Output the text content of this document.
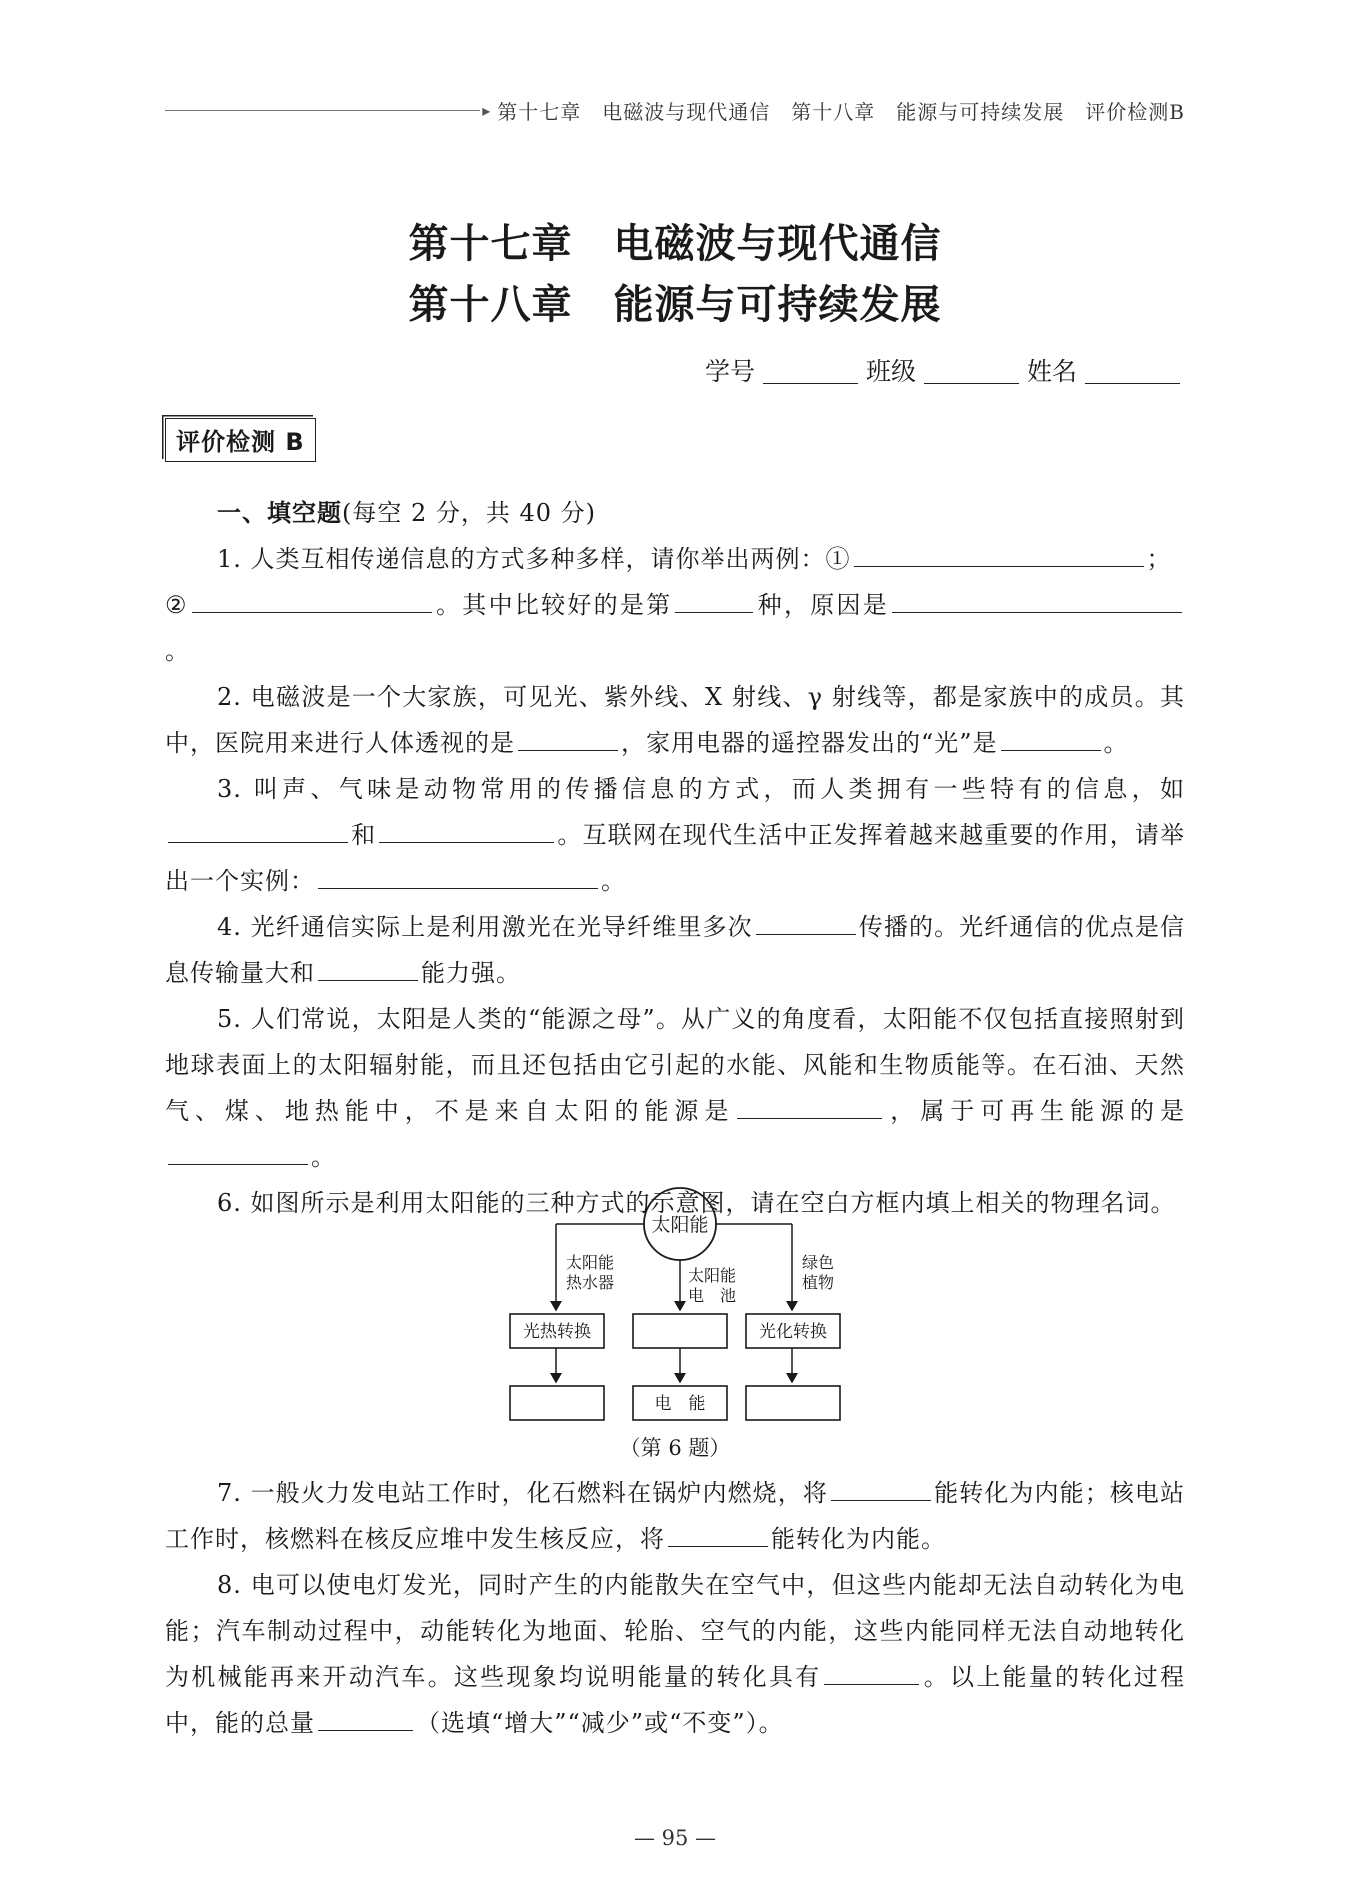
▸ 第十七章　电磁波与现代通信　第十八章　能源与可持续发展　评价检测B
第十七章　电磁波与现代通信
第十八章　能源与可持续发展
学号	班级	姓名
评价检测 B

一、填空题(每空 2 分，共 40 分)

1. 人类互相传递信息的方式多种多样，请你举出两例：①	；

②	。其中比较好的是第	种，原因是。

2. 电磁波是一个大家族，可见光、紫外线、X 射线、γ 射线等，都是家族中的成员。其中，医院用来进行人体透视的是	，家用电器的遥控器发出的“光”是	。

3. 叫声、气味是动物常用的传播信息的方式，而人类拥有一些特有的信息，如和	。互联网在现代生活中正发挥着越来越重要的作用，请举出一个实例：	。

4. 光纤通信实际上是利用激光在光导纤维里多次	传播的。光纤通信的优点是信息传输量大和	能力强。

5. 人们常说，太阳是人类的“能源之母”。从广义的角度看，太阳能不仅包括直接照射到地球表面上的太阳辐射能，而且还包括由它引起的水能、风能和生物质能等。在石油、天然气、煤、地热能中，不是来自太阳的能源是	，属于可再生能源的是。

6. 如图所示是利用太阳能的三种方式的示意图，请在空白方框内填上相关的物理名词。

太阳能
太阳能
热水器	太阳能
电　池
绿色
植物
光热转换	光化转换
电　能
（第 6 题）

7. 一般火力发电站工作时，化石燃料在锅炉内燃烧，将	能转化为内能；核电站工作时，核燃料在核反应堆中发生核反应，将	能转化为内能。

8. 电可以使电灯发光，同时产生的内能散失在空气中，但这些内能却无法自动转化为电能；汽车制动过程中，动能转化为地面、轮胎、空气的内能，这些内能同样无法自动地转化为机械能再来开动汽车。这些现象均说明能量的转化具有	。以上能量的转化过程中，能的总量	（选填“增大”“减少”或“不变”）。

— 95 —
